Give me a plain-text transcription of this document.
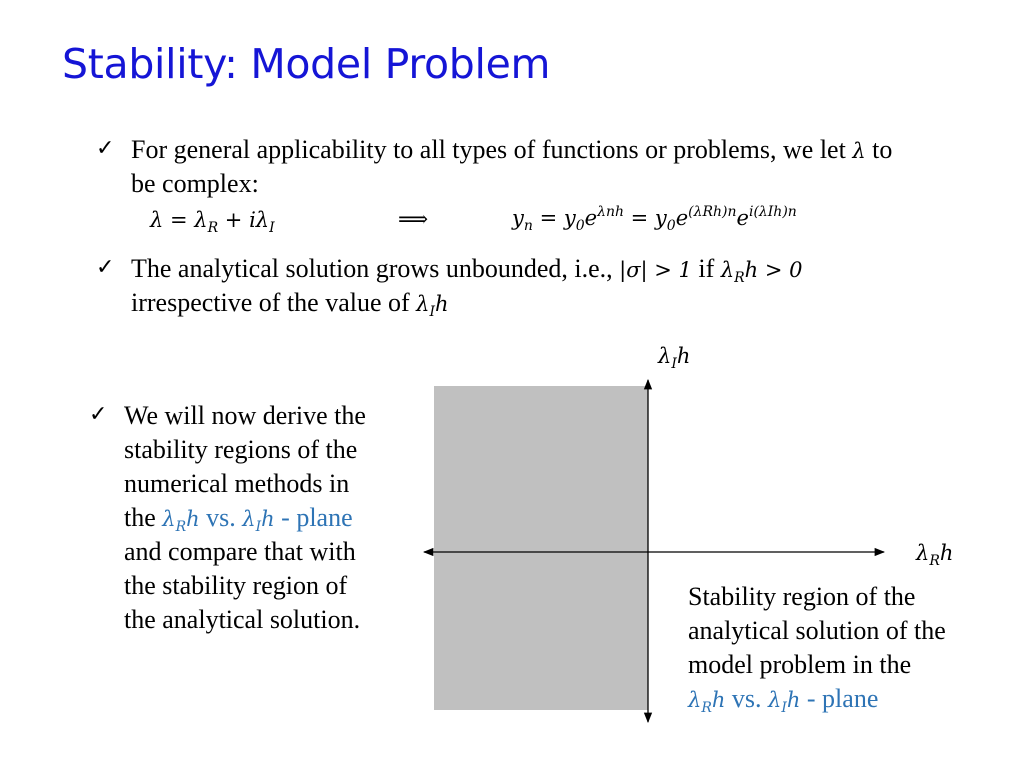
Stability: Model Problem
✓ For general applicability to all types of functions or problems, we let λ to
be complex:
$\lambda = \lambda_R + i\lambda_I$	⟹	$y_n = y_0e^{\lambda nh} = y_0e^{(\lambda Rh)n}e^{i(\lambda Ih)n}$
✓ The analytical solution grows unbounded, i.e., |σ| > 1 if $\lambda_Rh > 0$
irrespective of the value of $\lambda_Ih$
$\lambda_Ih$
$\lambda_Rh$
✓ We will now derive the
stability regions of the
numerical methods in
the $\lambda_Rh$ vs. $\lambda_Ih$ - plane
and compare that with
the stability region of
the analytical solution.
Stability region of the
analytical solution of the
model problem in the
$\lambda_Rh$ vs. $\lambda_Ih$ - plane
